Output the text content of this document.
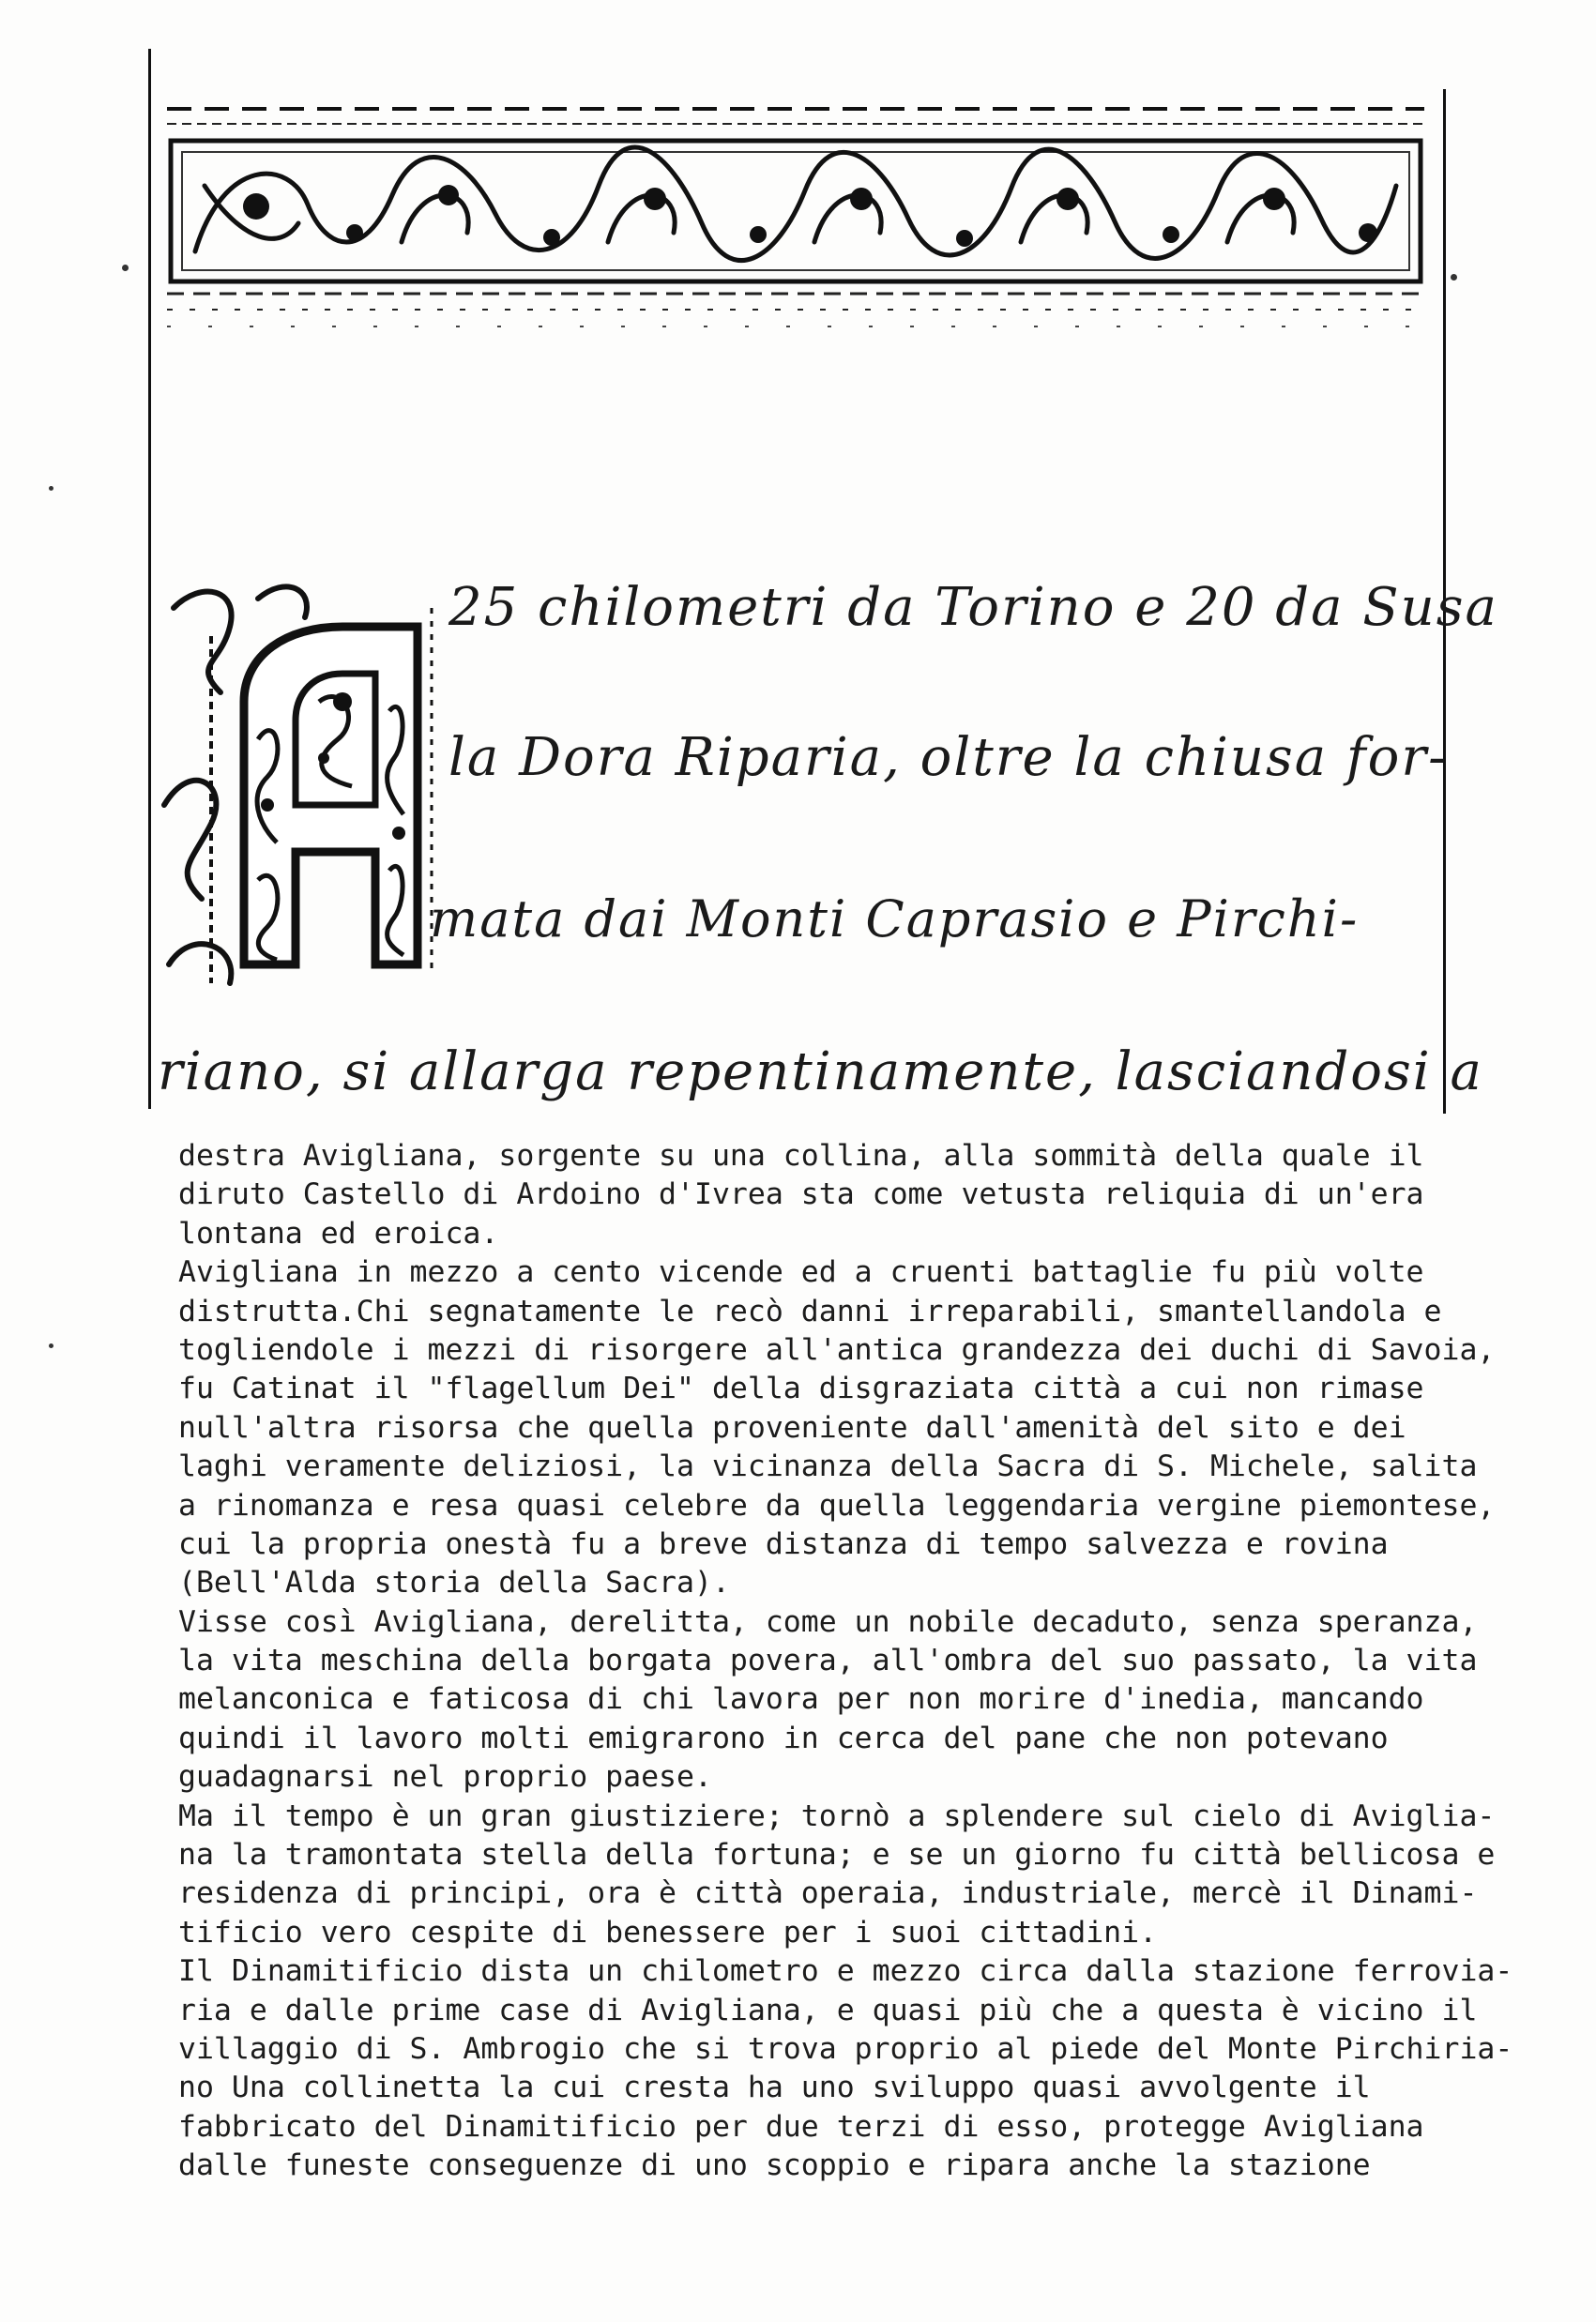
25 chilometri da Torino e 20 da Susa
la Dora Riparia, oltre la chiusa for-
mata dai Monti Caprasio e Pirchi-
riano, si allarga repentinamente, lasciandosi a
destra Avigliana, sorgente su una collina, alla sommità della quale il
diruto Castello di Ardoino d'Ivrea sta come vetusta reliquia di un'era
lontana ed eroica.
Avigliana in mezzo a cento vicende ed a cruenti battaglie fu più volte
distrutta.Chi segnatamente le recò danni irreparabili, smantellandola e
togliendole i mezzi di risorgere all'antica grandezza dei duchi di Savoia,
fu Catinat il "flagellum Dei" della disgraziata città a cui non rimase
null'altra risorsa che quella proveniente dall'amenità del sito e dei
laghi veramente deliziosi, la vicinanza della Sacra di S. Michele, salita
a rinomanza e resa quasi celebre da quella leggendaria vergine piemontese,
cui la propria onestà fu a breve distanza di tempo salvezza e rovina
(Bell'Alda storia della Sacra).
Visse così Avigliana, derelitta, come un nobile decaduto, senza speranza,
la vita meschina della borgata povera, all'ombra del suo passato, la vita
melanconica e faticosa di chi lavora per non morire d'inedia, mancando
quindi il lavoro molti emigrarono in cerca del pane che non potevano
guadagnarsi nel proprio paese.
Ma il tempo è un gran giustiziere; tornò a splendere sul cielo di Aviglia-
na la tramontata stella della fortuna; e se un giorno fu città bellicosa e
residenza di principi, ora è città operaia, industriale, mercè il Dinami-
tificio vero cespite di benessere per i suoi cittadini.
Il Dinamitificio dista un chilometro e mezzo circa dalla stazione ferrovia-
ria e dalle prime case di Avigliana, e quasi più che a questa è vicino il
villaggio di S. Ambrogio che si trova proprio al piede del Monte Pirchiria-
no Una collinetta la cui cresta ha uno sviluppo quasi avvolgente il
fabbricato del Dinamitificio per due terzi di esso, protegge Avigliana
dalle funeste conseguenze di uno scoppio e ripara anche la stazione
